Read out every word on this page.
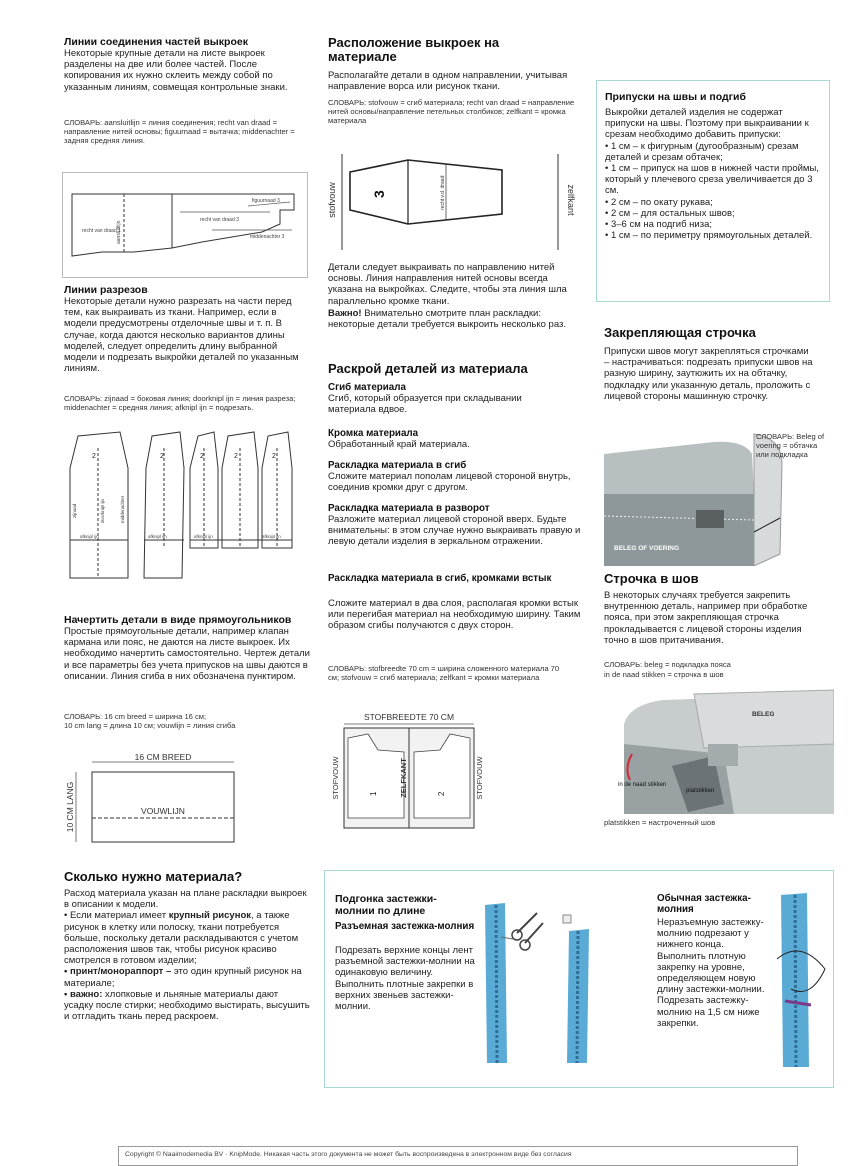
Линии соединения частей выкроек
Некоторые крупные детали на листе выкроек разделены на две или более частей. После копирования их нужно склеить между собой по указанным линиям, совмещая контрольные знаки.
СЛОВАРЬ: aansluitlijn = линия соединения; recht van draad = направление нитей основы; figuurnaad = вытачка; middenachter = задняя средняя линия.
recht van draad 3
figuurnaad 3
middenachter 3
aansluitlijn
recht van draad 1
Линии разрезов
Некоторые детали нужно разрезать на части перед тем, как выкраивать из ткани. Например, если в модели предусмотрены отделочные швы и т. п. В случае, когда даются несколько вариантов длины моделей, следует определить длину выбранной модели и подрезать выкройки деталей по указанным линиям.
СЛОВАРЬ: zijnaad = боковая линия; doorknipl ijn = линия разреза; middenachter = средняя линия; afknipl ijn = подрезать.
2	2	2	2	2
zijnaad	doorknipl ijn	middenachter
afknipl ijn	afknipl ijn	afknipl ijn	afknipl ijn
Начертить детали в виде прямоугольников
Простые прямоугольные детали, например клапан кармана или пояс, не даются на листе выкроек. Их необходимо начертить самостоятельно. Чертеж детали и все параметры без учета припусков на швы даются в описании. Линия сгиба в них обозначена пунктиром.
СЛОВАРЬ: 16 cm breed = ширина 16 см;
10 cm lang = длина 10 см; vouwlijn = линия сгиба
16 CM BREED
10 CM LANG	VOUWLIJN
Сколько нужно материала?

Расход материала указан на плане раскладки выкроек в описании к модели.

• Если материал имеет крупный рисунок, а также рисунок в клетку или полоску, ткани потребуется больше, поскольку детали раскладываются с учетом расположения швов так, чтобы рисунок красиво смотрелся в готовом изделии;

• принт/монораппорт – это один крупный рисунок на материале;

• важно: хлопковые и льняные материалы дают усадку после стирки; необходимо выстирать, высушить и отгладить ткань перед раскроем.

Расположение выкроек на материале
Располагайте детали в одном направлении, учитывая направление ворса или рисунок ткани.
СЛОВАРЬ: stofvouw = сгиб материала; recht van draad = направление нитей основы/направление петельных столбиков; zelfkant = кромка материала
stofvouw	zelfkant
3	recht v.d. draad
Детали следует выкраивать по направлению нитей основы. Линия направления нитей основы всегда указана на выкройках. Следите, чтобы эта линия шла параллельно кромке ткани.
Важно! Внимательно смотрите план раскладки: некоторые детали требуется выкроить несколько раз.
Раскрой деталей из материала
Сгиб материала
Сгиб, который образуется при складывании материала вдвое.
Кромка материала
Обработанный край материала.
Раскладка материала в сгиб
Сложите материал пополам лицевой стороной внутрь, соединив кромки друг с другом.
Раскладка материала в разворот
Разложите материал лицевой стороной вверх. Будьте внимательны: в этом случае нужно выкраивать правую и левую детали изделия в зеркальном отражении.
Раскладка материала в сгиб, кромками встык
Сложите материал в два слоя, располагая кромки встык или перегибая материал на необходимую ширину. Таким образом сгибы получаются с двух сторон.
СЛОВАРЬ: stofbreedte 70 cm = ширина сложенного материала 70 см; stofvouw = сгиб материала; zelfkant = кромки материала
STOFBREEDTE 70 CM
STOFVOUW	ZELFKANT	STOFVOUW
1	2
Припуски на швы и подгиб

Выкройки деталей изделия не содержат припуски на швы. Поэтому при выкраивании к срезам необходимо добавить припуски:

• 1 см – к фигурным (дугообразным) срезам деталей и срезам обтачек;

• 1 см – припуск на шов в нижней части проймы, который у плечевого среза увеличивается до 3 см.

• 2 см – по окату рукава;

• 2 см – для остальных швов;

• 3–6 см на подгиб низа;

• 1 см – по периметру прямоугольных деталей.

Закрепляющая строчка
Припуски швов могут закрепляться строчками – настрачиваться: подрезать припуски швов на разную ширину, заутюжить их на обтачку, подкладку или указанную деталь, проложить с лицевой стороны машинную строчку.
BELEG OF VOERING
СЛОВАРЬ: Beleg of voering = обтачка или подкладка
Строчка в шов
В некоторых случаях требуется закрепить внутреннюю деталь, например при обработке пояса, при этом закрепляющая строчка прокладывается с лицевой стороны изделия точно в шов притачивания.
СЛОВАРЬ: beleg = подкладка пояса
in de naad stikken = строчка в шов
BELEG
in de naad stikken
platstikken
platstikken = настроченный шов
Подгонка застежки-молнии по длине
Разъемная застежка-молния
Подрезать верхние концы лент разъемной застежки-молнии на одинаковую величину. Выполнить плотные закрепки в верхних звеньев застежки-молнии.
Обычная застежка-молния
Неразъемную застежку-молнию подрезают у нижнего конца. Выполнить плотную закрепку на уровне, определяющем новую длину застежки-молнии. Подрезать застежку-молнию на 1,5 см ниже закрепки.
Copyright © Naaimodemedia BV · KnipMode. Никакая часть этого документа не может быть воспроизведена в электронном виде без согласия
